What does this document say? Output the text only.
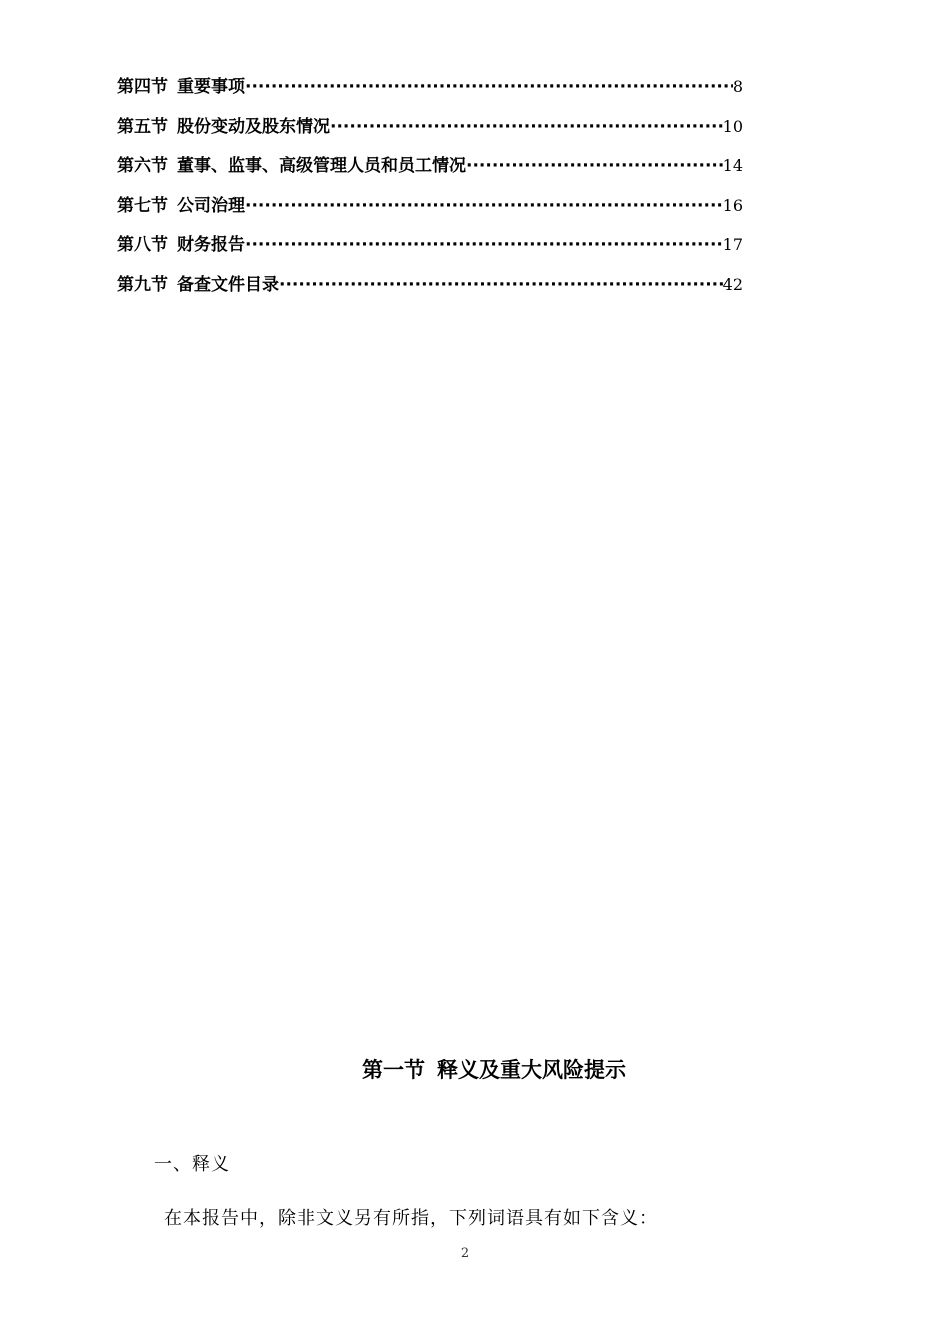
第四节 重要事项 ·····	8
第五节 股份变动及股东情况 ·····	10
第六节 董事、监事、高级管理人员和员工情况 ·····	14
第七节 公司治理 ·····	16
第八节 财务报告 ·····	17
第九节 备查文件目录 ·····	42
第一节 释义及重大风险提示
一、释义
在本报告中，除非文义另有所指，下列词语具有如下含义：
2
